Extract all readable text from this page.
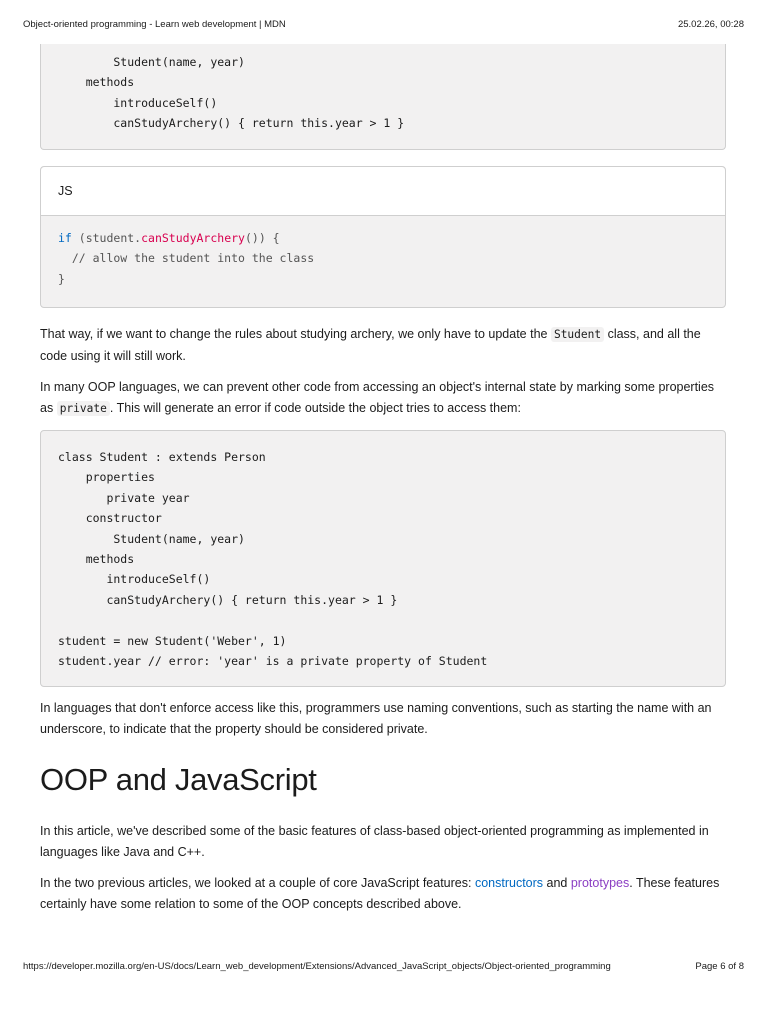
Object-oriented programming - Learn web development | MDN	25.02.26, 00:28
Student(name, year)
methods
introduceSelf()
canStudyArchery() { return this.year > 1 }
JS
if (student.canStudyArchery()) {
// allow the student into the class
}

That way, if we want to change the rules about studying archery, we only have to update the Student class, and all the code using it will still work.

In many OOP languages, we can prevent other code from accessing an object's internal state by marking some properties as private . This will generate an error if code outside the object tries to access them:

class Student : extends Person
properties
private year
constructor
Student(name, year)
methods
introduceSelf()
canStudyArchery() { return this.year > 1 }

student = new Student('Weber', 1)
student.year // error: 'year' is a private property of Student

In languages that don't enforce access like this, programmers use naming conventions, such as starting the name with an underscore, to indicate that the property should be considered private.

OOP and JavaScript

In this article, we've described some of the basic features of class-based object-oriented programming as implemented in languages like Java and C++.

In the two previous articles, we looked at a couple of core JavaScript features: constructors and prototypes. These features certainly have some relation to some of the OOP concepts described above.

https://developer.mozilla.org/en-US/docs/Learn_web_development/Extensions/Advanced_JavaScript_objects/Object-oriented_programming	Page 6 of 8
